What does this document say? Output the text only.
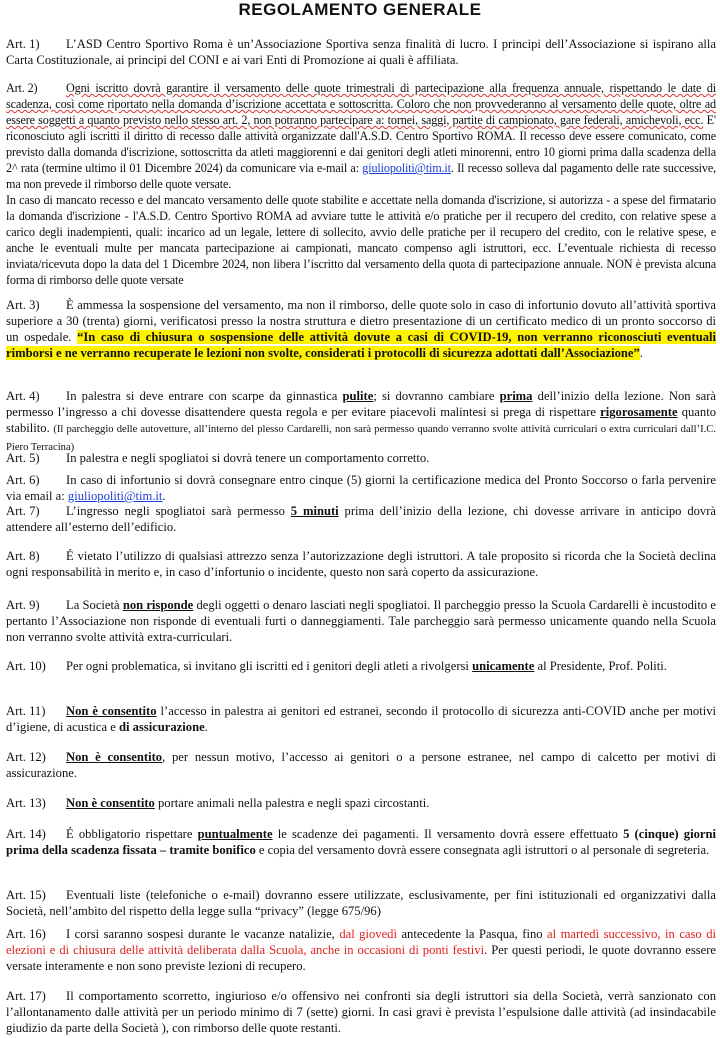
REGOLAMENTO GENERALE
Art. 1) L’ASD Centro Sportivo Roma è un’Associazione Sportiva senza finalità di lucro. I principi dell’Associazione si ispirano alla Carta Costituzionale, ai principi del CONI e ai vari Enti di Promozione ai quali è affiliata.
Art. 2) Ogni iscritto dovrà garantire il versamento delle quote trimestrali di partecipazione alla frequenza annuale, rispettando le date di scadenza, così come riportato nella domanda d’iscrizione accettata e sottoscritta. Coloro che non provvederanno al versamento delle quote, oltre ad essere soggetti a quanto previsto nello stesso art. 2, non potranno partecipare a: tornei, saggi, partite di campionato, gare federali, amichevoli, ecc. E' riconosciuto agli iscritti il diritto di recesso dalle attività organizzate dall'A.S.D. Centro Sportivo ROMA. Il recesso deve essere comunicato, come previsto dalla domanda d'iscrizione, sottoscritta da atleti maggiorenni e dai genitori degli atleti minorenni, entro 10 giorni prima dalla scadenza della 2^ rata (termine ultimo il 01 Dicembre 2024) da comunicare via e-mail a: giuliopoliti@tim.it. Il recesso solleva dal pagamento delle rate successive, ma non prevede il rimborso delle quote versate.
In caso di mancato recesso e del mancato versamento delle quote stabilite e accettate nella domanda d'iscrizione, si autorizza - a spese del firmatario la domanda d'iscrizione - l'A.S.D. Centro Sportivo ROMA ad avviare tutte le attività e/o pratiche per il recupero del credito, con relative spese a carico degli inadempienti, quali: incarico ad un legale, lettere di sollecito, avvio delle pratiche per il recupero del credito, con le relative spese, e anche le eventuali multe per mancata partecipazione ai campionati, mancato compenso agli istruttori, ecc. L’eventuale richiesta di recesso inviata/ricevuta dopo la data del 1 Dicembre 2024, non libera l’iscritto dal versamento della quota di partecipazione annuale. NON è prevista alcuna forma di rimborso delle quote versate
Art. 3) È ammessa la sospensione del versamento, ma non il rimborso, delle quote solo in caso di infortunio dovuto all’attività sportiva superiore a 30 (trenta) giorni, verificatosi presso la nostra struttura e dietro presentazione di un certificato medico di un pronto soccorso di un ospedale. “In caso di chiusura o sospensione delle attività dovute a casi di COVID-19, non verranno riconosciuti eventuali rimborsi e ne verranno recuperate le lezioni non svolte, considerati i protocolli di sicurezza adottati dall’Associazione”.
Art. 4) In palestra si deve entrare con scarpe da ginnastica pulite; si dovranno cambiare prima dell’inizio della lezione. Non sarà permesso l’ingresso a chi dovesse disattendere questa regola e per evitare piacevoli malintesi si prega di rispettare rigorosamente quanto stabilito. (Il parcheggio delle autovetture, all’interno del plesso Cardarelli, non sarà permesso quando verranno svolte attività curriculari o extra curriculari dall’I.C. Piero Terracina)
Art. 5) In palestra e negli spogliatoi si dovrà tenere un comportamento corretto.
Art. 6) In caso di infortunio si dovrà consegnare entro cinque (5) giorni la certificazione medica del Pronto Soccorso o farla pervenire via email a: giuliopoliti@tim.it.
Art. 7) L’ingresso negli spogliatoi sarà permesso 5 minuti prima dell’inizio della lezione, chi dovesse arrivare in anticipo dovrà attendere all’esterno dell’edificio.
Art. 8) É vietato l’utilizzo di qualsiasi attrezzo senza l’autorizzazione degli istruttori. A tale proposito si ricorda che la Società declina ogni responsabilità in merito e, in caso d’infortunio o incidente, questo non sarà coperto da assicurazione.
Art. 9) La Società non risponde degli oggetti o denaro lasciati negli spogliatoi. Il parcheggio presso la Scuola Cardarelli è incustodito e pertanto l’Associazione non risponde di eventuali furti o danneggiamenti. Tale parcheggio sarà permesso unicamente quando nella Scuola non verranno svolte attività extra-curriculari.
Art. 10) Per ogni problematica, si invitano gli iscritti ed i genitori degli atleti a rivolgersi unicamente al Presidente, Prof. Politi.
Art. 11) Non è consentito l’accesso in palestra ai genitori ed estranei, secondo il protocollo di sicurezza anti-COVID anche per motivi d’igiene, di acustica e di assicurazione.
Art. 12) Non è consentito, per nessun motivo, l’accesso ai genitori o a persone estranee, nel campo di calcetto per motivi di assicurazione.
Art. 13) Non è consentito portare animali nella palestra e negli spazi circostanti.
Art. 14) É obbligatorio rispettare puntualmente le scadenze dei pagamenti. Il versamento dovrà essere effettuato 5 (cinque) giorni prima della scadenza fissata – tramite bonifico e copia del versamento dovrà essere consegnata agli istruttori o al personale di segreteria.
Art. 15) Eventuali liste (telefoniche o e-mail) dovranno essere utilizzate, esclusivamente, per fini istituzionali ed organizzativi dalla Società, nell’ambito del rispetto della legge sulla “privacy” (legge 675/96)
Art. 16) I corsi saranno sospesi durante le vacanze natalizie, dal giovedì antecedente la Pasqua, fino al martedì successivo, in caso di elezioni e di chiusura delle attività deliberata dalla Scuola, anche in occasioni di ponti festivi. Per questi periodi, le quote dovranno essere versate interamente e non sono previste lezioni di recupero.
Art. 17) Il comportamento scorretto, ingiurioso e/o offensivo nei confronti sia degli istruttori sia della Società, verrà sanzionato con l’allontanamento dalle attività per un periodo minimo di 7 (sette) giorni. In casi gravi è prevista l’espulsione dalle attività (ad insindacabile giudizio da parte della Società ), con rimborso delle quote restanti.
